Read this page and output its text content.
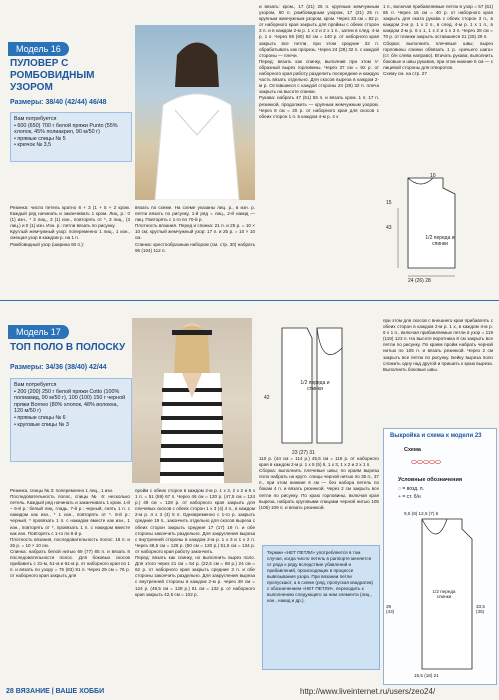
Модель 16
ПУЛОВЕР С РОМБОВИДНЫМ УЗОРОМ
Размеры: 38/40 (42/44) 46/48
Вам потребуется
• 600 (650) 700 г белой пряжи Punto (55% хлопок, 45% полиакрил, 90 м/50 г)
• прямые спицы № 5
• крючок № 3,5
Резинка: число петель кратно 6 + 3 (1 + 5 + 2 кром. Каждый ряд начинать и заканчивать 1 кром. Лиц. р.: 0 (1) изн., * 3 лиц., 3 (1) изн., повторять от *, 3 лиц., (3 лиц.) и 0 (1) изн. Изн. р.: петли вязать по рисунку.
Круглый жемчужный узор: попеременно 1 лиц., 1 изн., смещая узор в каждом р. на 1 п.
Ромбовидный узор (ширина 60 п.):
вязать по схеме. На схеме указаны лиц. р., в изн. р. петли вязать по рисунку, 1-й ряд = лиц., 2-й накид — лиц. Повторять с 1-го по 70-й р.
Плотность вязания. Перед и спинка: 21 п. и 25 р. = 10 × 10 см; круглый жемчужный узор: 17 п. и 25 р. = 10 × 10 см.
Спинка: крестообразным набором (см. стр. 30) набрать 96 (104) 112 п.
и вязать: кром., 17 (21) 25 п. крупным жемчужным узором, 60 п. ромбовидным узором, 17 (21) 25 п. крупным жемчужным узором, кром. Через 33 см = 82 р. от наборного края закрыть для проймы с обеих сторон 3 п. и в каждом 2-м р. 1 х 2 и 2 х 1 п., затем в след. 4-м р. 1 п. Через 58 (60) 62 см = 140 р. от наборного края закрыть все петли, при этом средние 32 п. обрабатывать как прорезь. Через 24 (28) 32 п. с каждой стороны — плечи.
Перед: вязать как спинку, выполнив при этом V-образный вырез горловины. Через 37 см = 92 р. от наборного края работу разделить посередине и каждую часть вязать отдельно. Для скосов выреза в каждом 2-м р. Оставшиеся с каждой стороны 24 (28) 32 п. плеча закрыть на высоте спинки.
Рукава: набрать 47 (51) 55 п. и вязать кром. 1 п. 17 п. резинкой, продолжить — крупным жемчужным узором. Через 8 см = 20 р. от наборного края для скосов с обеих сторон 1 п. в каждом 4-м р. 4 х
1 п., включая прибавляемые петли в узор = 57 (61) 65 п. Через 16 см = 40 р. от наборного края закрыть для оката рукава с обеих сторон 3 п., в каждом 2-м р. 1 х 2 п., в след. 4-м р. 1 х 1 п., в каждом 2-м р. 6 х 1, 1 х 2 и 1 х 3 п. Через 28 см = 70 р. от планки закрыть оставшиеся 21 (25) 29 п.
Сборка: выполнить плечевые швы; вырез горловины спинки обвязать 1 р. «рачьего шага» (ст. б/н слева направо). Втачать рукава; выполнить боковые и швы рукавов, при этом нижние 6 см — с лицевой стороны для отворотов.
Схему см. на стр. 27
1/2 переда и спинки
24 (26) 28
43
15
10
Модель 17
ТОП ПОЛО В ПОЛОСКУ
Размеры: 34/36 (38/40) 42/44
Вам потребуется
• 200 (200) 250 г белой пряжи Cotto (100% полиамид, 90 м/50 г), 100 (100) 150 г черной пряжи Borneo (80% хлопок, 48% волокна, 120 м/50 г)
• прямые спицы № 6
• круговые спицы № 3
Резинка, спицы № 3: попеременно 1 лиц., 1 изн.
Последовательность полос, спицы № 6: несколько петель. Каждый ряд начинать и заканчивать 1 кром. 1-й – 6-й р.: белый лиц. гладь. 7-й р.: черный, снять 1 п. с накидом как изн., * 1 изн., повторять от *. 8-й р.: черный, * провязать 1 п. с накидом вместе как изн., 1 изн., повторять от *, провязать 1 п. с накидом вместе как изн. Повторять с 1-го по 8-й р.
Плотность вязания, последовательность полос: 18 п. и 26 р. = 10 × 10 см.
Спинка: набрать белой нитью 69 (77) 85 п. и вязать 8 последовательности полос. Для боковых скосов прибавить с 31-м, 51-м и 61-м р. от наборного края по 1 п. и вязать по узору = 75 (83) 91 п. Через 29 см = 76 р. от наборного края закрыть для
пройм с обеих сторон в каждом 2-м р. 1 х 3, 2 х 2 и 5 х 1 п. = 51 (59) 67 п. Через 46 см = 120 р. (47,5 см = 124 р.) 49 см = 128 р. от наборного края закрыть для плечевых скосов с обеих сторон 1 х 3 (4) 4 п., в каждом 2-м р. 4 х 3 (4) 5 п. Одновременно с 1-го р. закрыть средние 19 п., закончить отдельно для скосов выреза с обеих сторон закрыть средние 17 (17) 19 п. и обе стороны закончить раздельно. Для закругления выреза с внутренней стороны в каждом 2-м р. 1 х 3 и 1 х 2 п. Через 48,5 см = 126 р. (50 см = 130 р.) 51,5 см = 134 р. от наборного края работу закончить.
Перед: вязать как спинку, но выполнить вырез поло. Для этого через 21 см = 54 р. (22,5 см = 58 р.) 24 см = 62 р. от наборного края закрыть средние 3 п. и обе стороны закончить раздельно. Для закругления выреза с внутренней стороны в каждом 2-м р. через 48 см = 124 р. (49,5 см = 128 р.) 51 см = 132 р. от наборного края закрыть 42,5 см = 102 р.
1/2 переда и спинки
23 (27) 31
42
110 р. (44 см = 114 р.) 45,5 см = 118 р. от наборного края в каждом 2-м р. 1 х 5 (5) 6, 1 х 3, 1 х 2 и 2 х 1 п.
Сборка: выполнить плечевые швы; по краям выреза поло набрать на кругл. спицы черной нитью по 35 п., 37 п., при этом нижние 6 см — без набора петель по бокам 4 п. и вязать резинкой. Через 2 см закрыть все петли по рисунку. По краю горловины, включая края выреза, набрать круговыми спицами черной нитью 105 (105) 109 п. и вязать резинкой.
Термин «НЕТ ПЕТЛИ» употребляется в том случае, когда число петель в раппорте меняется от ряда к ряду вследствие убавлений и прибавлений, происходящих в процессе вывязывания узора. При вязании петли пропускают, а в схеме (ряд, пропуская квадратик) с обозначением «НЕТ ПЕТЛИ», переходить к выполнению следующего за ним элемента (лиц., изн., накид и др.).
при этом для скосов с внешнего края прибавлять с обеих сторон в каждом 2-м р. 1 х, в каждом 4-м р. 6 х 1 п., включая прибавляемые петли в узор = 119 (119) 123 п. На высоте воротника 8 см закрыть все петли по рисунку. По краям пройм набрать черной нитью по 105 п. и вязать резинкой. Через 2 см закрыть все петли по рисунку. Бейку выреза поло сложить одну над другой и пришить к краю выреза. Выполнить боковые швы.
Выкройка и схема к модели 23
Схема
Условные обозначения
○ = возд. п.
+ = ст. б/н
9,5 (8) 12,5 (7) 6
15,5 (18) 21
39 (43)
33,5 (35)
1/2 переда спинки
28 ВЯЗАНИЕ | ВАШЕ ХОББИ	http://www.liveinternet.ru/users/zeo24/
